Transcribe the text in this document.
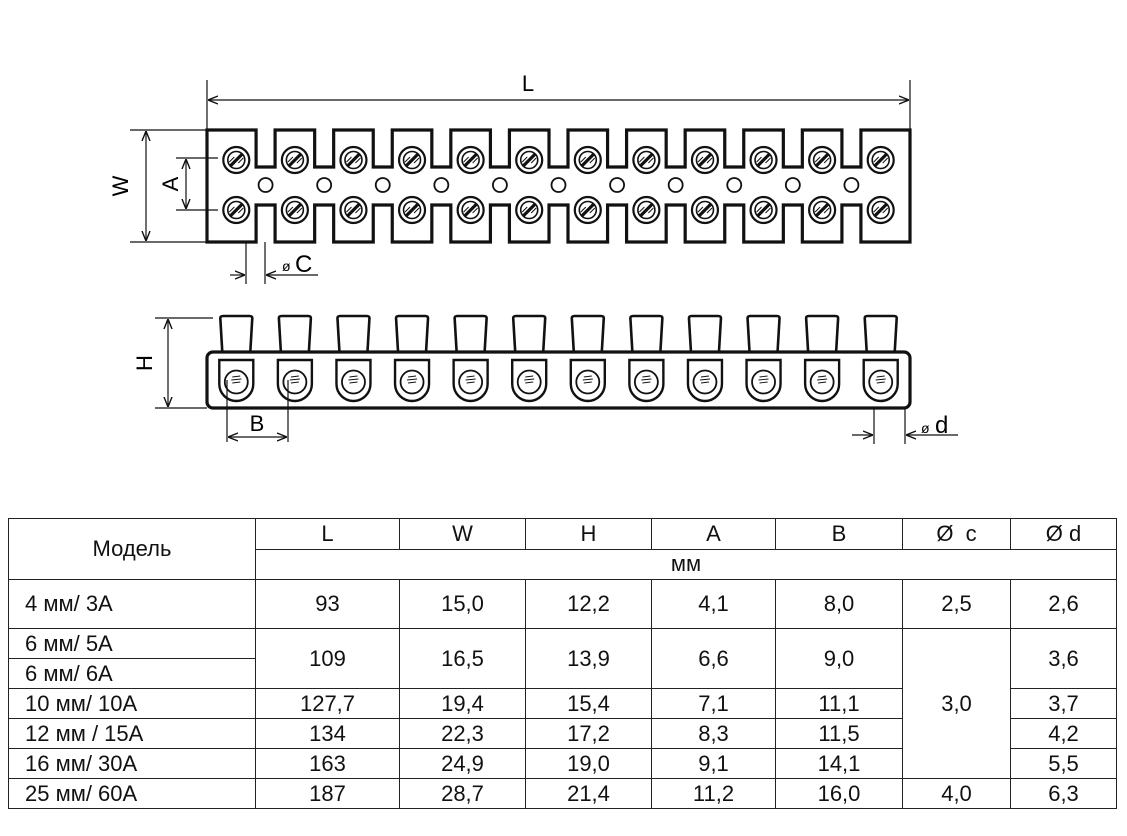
L
W A
ø C
H
B	ø d
Модель	L	W	H	A	B	Ø  c	Ø d
	мм						
4 мм/ 3А	93	15,0	12,2	4,1	8,0	2,5	2,6
6 мм/ 5А	109	16,5	13,9	6,6	9,0	3,0	3,6
6 мм/ 6А							
10 мм/ 10А	127,7	19,4	15,4	7,1	11,1		3,7
12 мм / 15А	134	22,3	17,2	8,3	11,5		4,2
16 мм/ 30А	163	24,9	19,0	9,1	14,1		5,5
25 мм/ 60А	187	28,7	21,4	11,2	16,0	4,0	6,3
